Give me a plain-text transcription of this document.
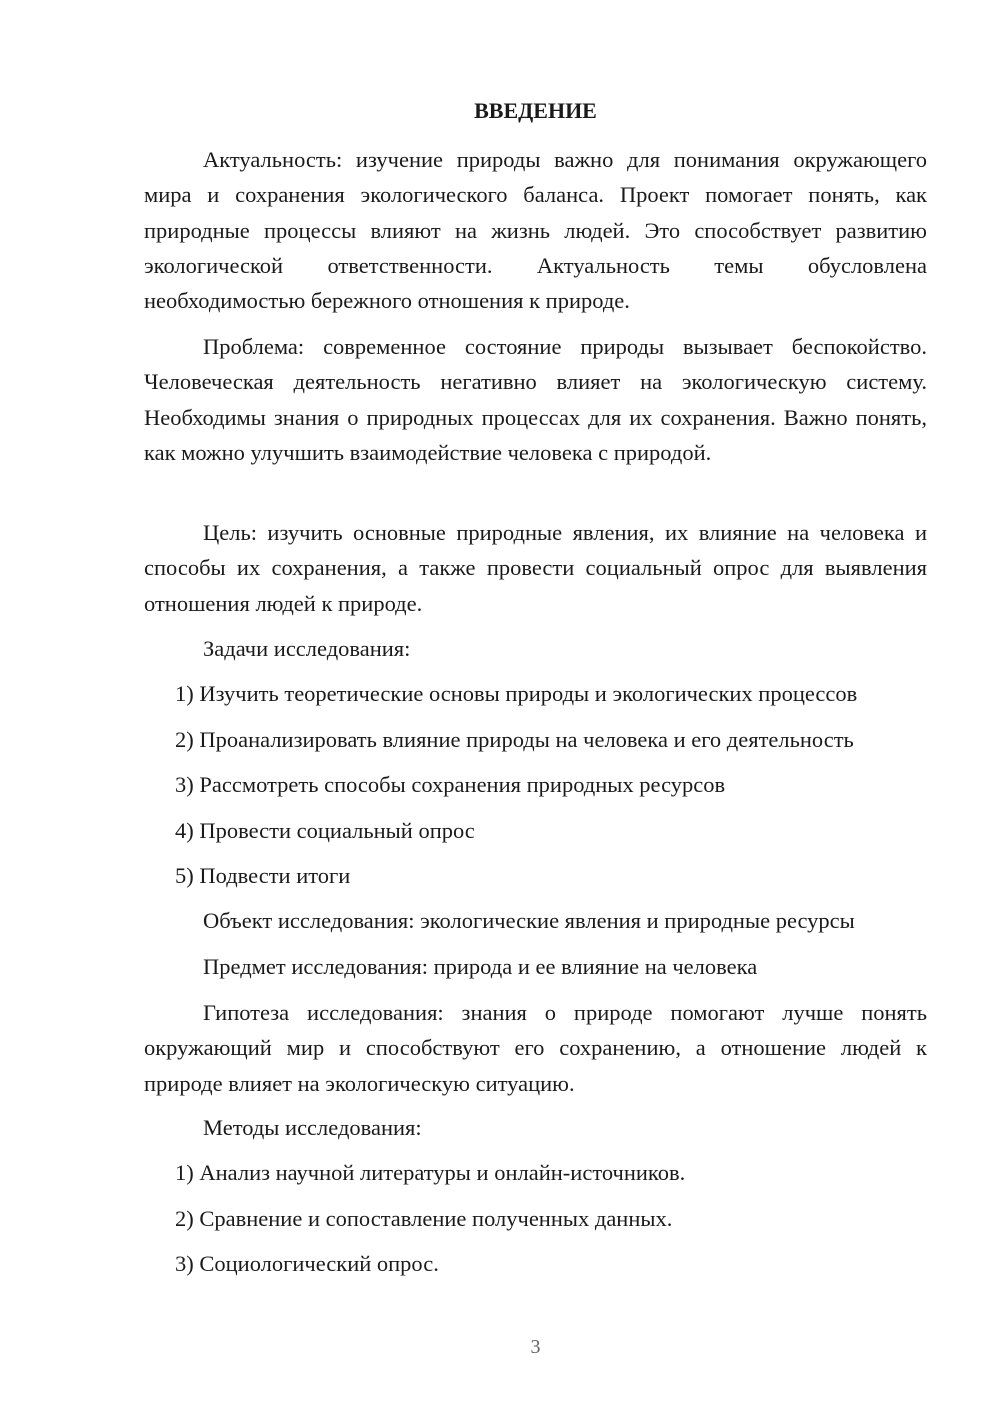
ВВЕДЕНИЕ

Актуальность: изучение природы важно для понимания окружающего мира и сохранения экологического баланса. Проект помогает понять, как природные процессы влияют на жизнь людей. Это способствует развитию экологической ответственности. Актуальность темы обусловлена необходимостью бережного отношения к природе.

Проблема: современное состояние природы вызывает беспокойство. Человеческая деятельность негативно влияет на экологическую систему. Необходимы знания о природных процессах для их сохранения. Важно понять, как можно улучшить взаимодействие человека с природой.

Цель: изучить основные природные явления, их влияние на человека и способы их сохранения, а также провести социальный опрос для выявления отношения людей к природе.

Задачи исследования:

1) Изучить теоретические основы природы и экологических процессов

2) Проанализировать влияние природы на человека и его деятельность

3) Рассмотреть способы сохранения природных ресурсов

4) Провести социальный опрос

5) Подвести итоги

Объект исследования: экологические явления и природные ресурсы

Предмет исследования: природа и ее влияние на человека

Гипотеза исследования: знания о природе помогают лучше понять окружающий мир и способствуют его сохранению, а отношение людей к природе влияет на экологическую ситуацию.

Методы исследования:

1) Анализ научной литературы и онлайн-источников.

2) Сравнение и сопоставление полученных данных.

3) Социологический опрос.

3
